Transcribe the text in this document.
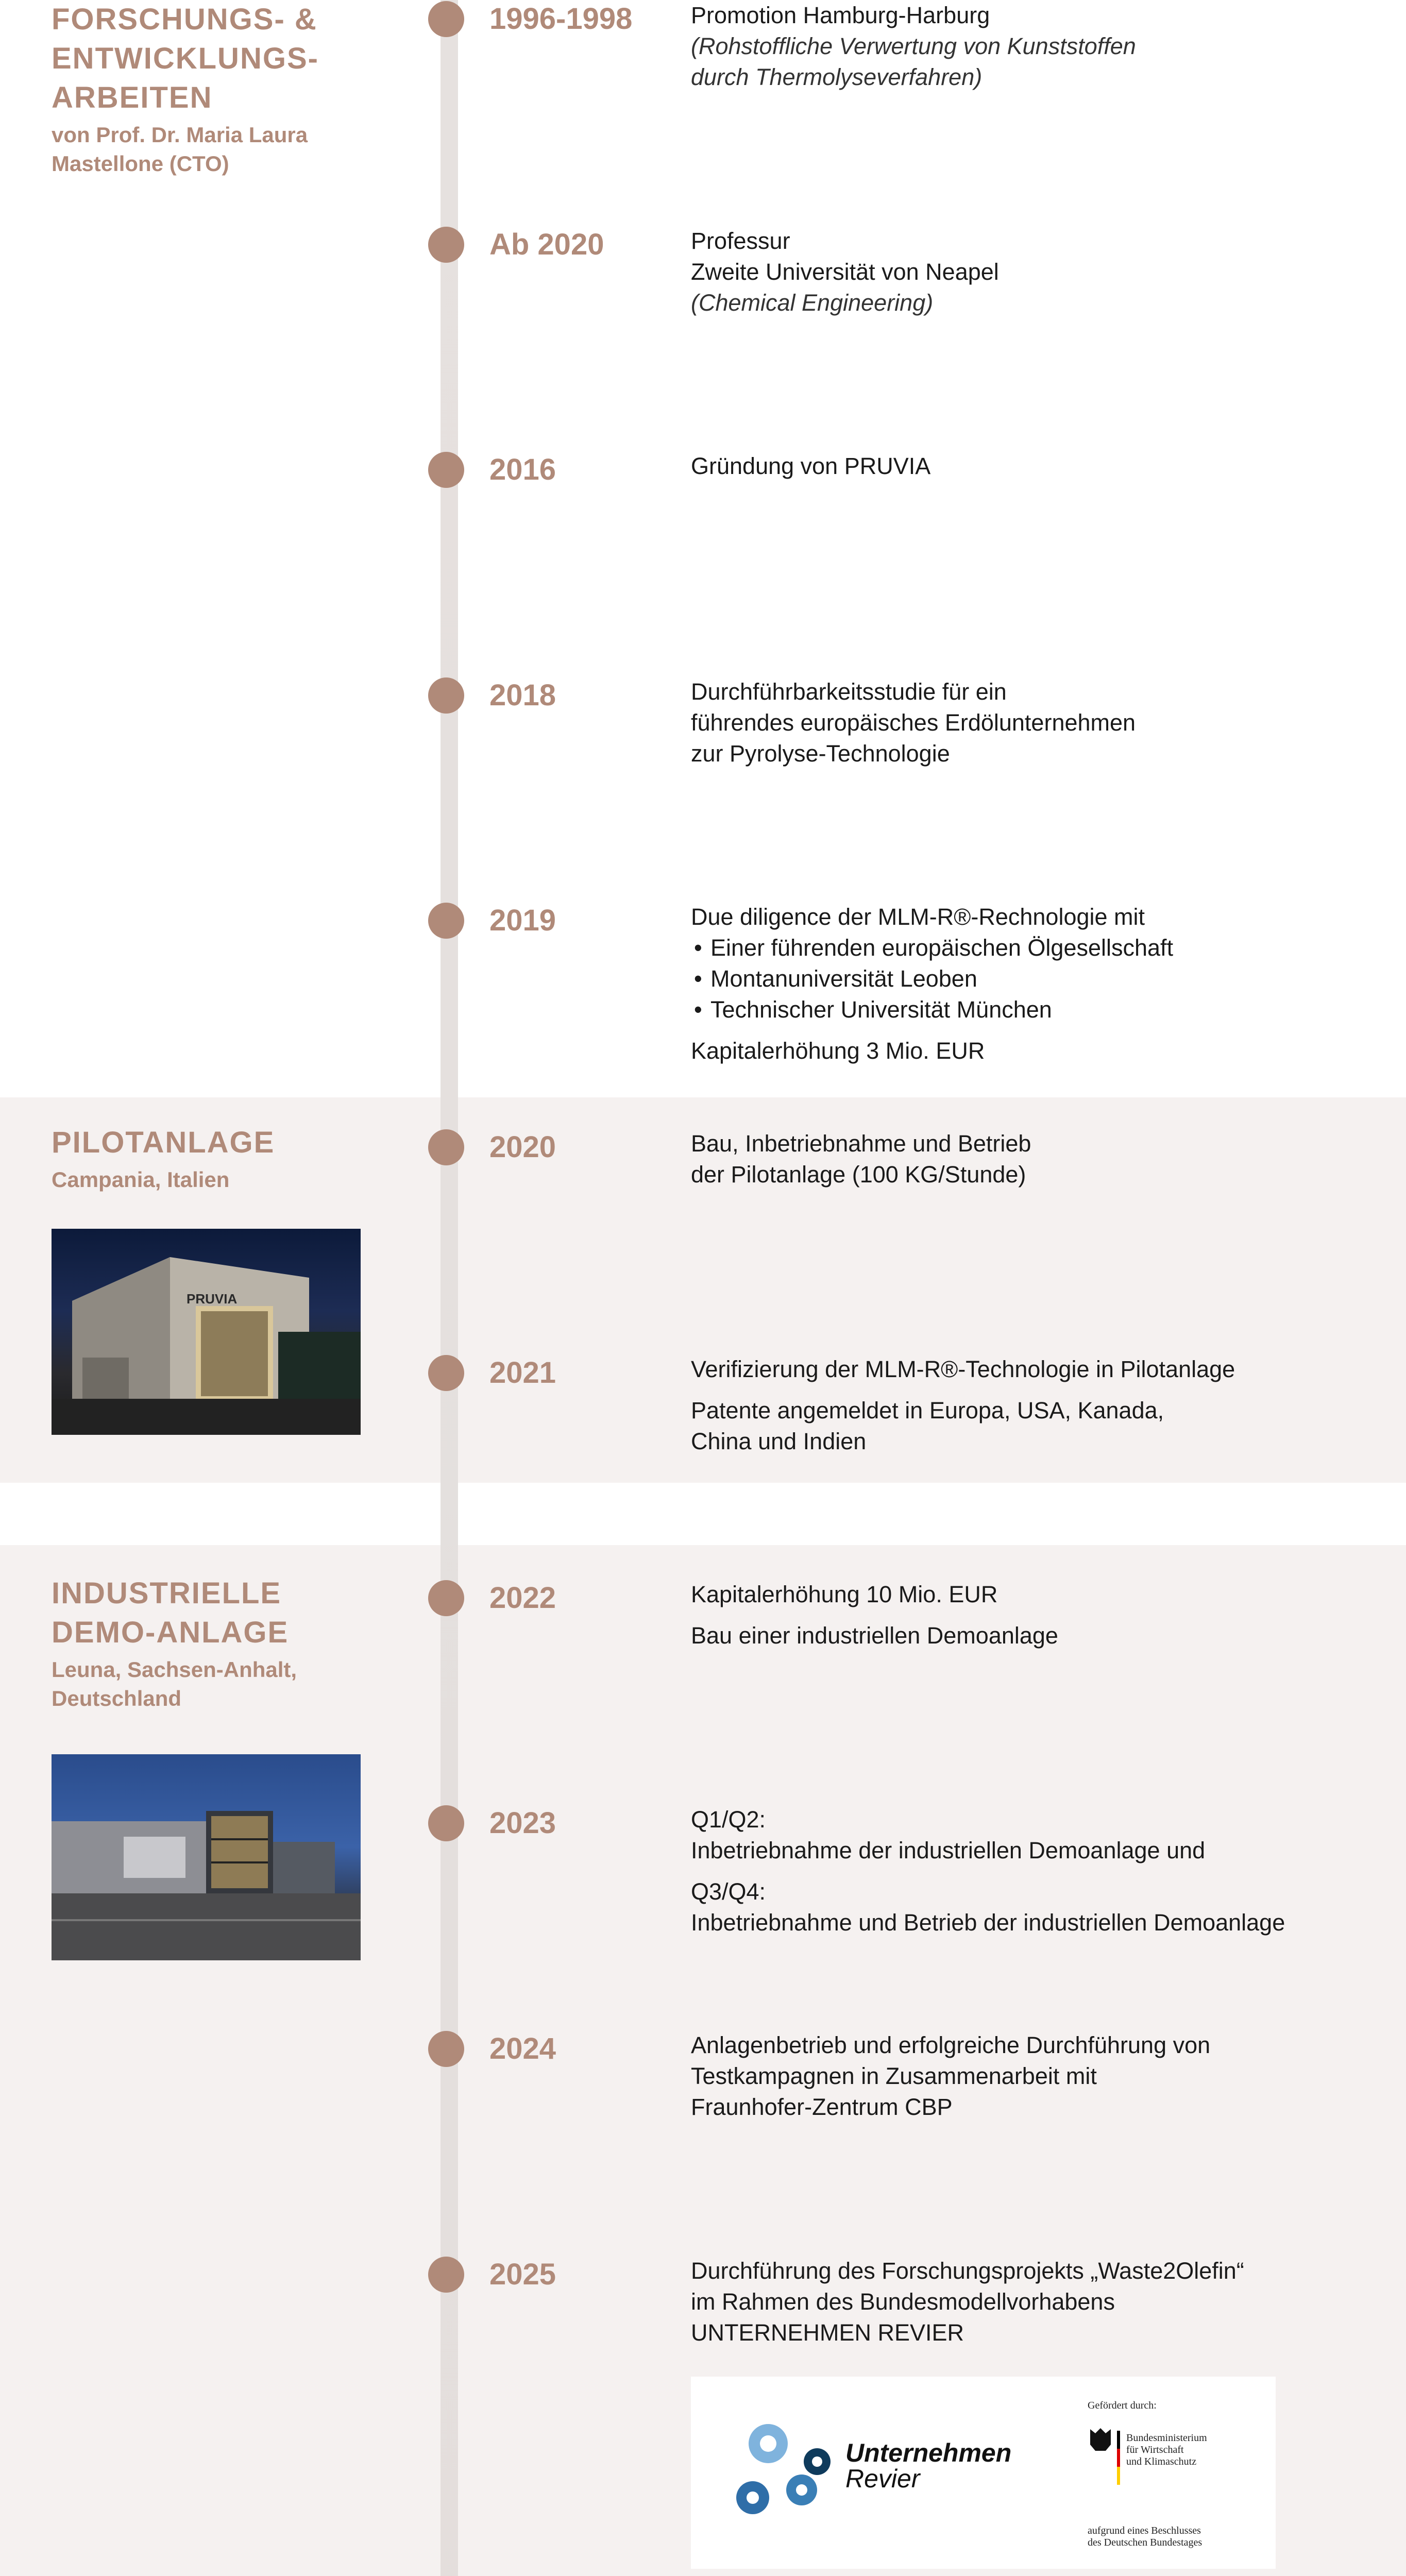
FORSCHUNGS- & ENTWICKLUNGS-ARBEITEN
von Prof. Dr. Maria Laura Mastellone (CTO)
PILOTANLAGE
Campania, Italien
INDUSTRIELLE DEMO-ANLAGE
Leuna, Sachsen-Anhalt, Deutschland
PRUVIA
1996-1998	Promotion Hamburg-Harburg

(Rohstoffliche Verwertung von Kunststoffen

durch Thermolyseverfahren)

Ab 2020	Professur

Zweite Universität von Neapel

(Chemical Engineering)

2016	Gründung von PRUVIA

2018	Durchführbarkeitsstudie für ein

führendes europäisches Erdölunternehmen

zur Pyrolyse-Technologie

2019	Due diligence der MLM-R®-Rechnologie mit

• Einer führenden europäischen Ölgesellschaft
• Montanuniversität Leoben
• Technischer Universität München

Kapitalerhöhung 3 Mio. EUR

2020	Bau, Inbetriebnahme und Betrieb

der Pilotanlage (100 KG/Stunde)

2021	Verifizierung der MLM-R®-Technologie in Pilotanlage

Patente angemeldet in Europa, USA, Kanada,

China und Indien

2022	Kapitalerhöhung 10 Mio. EUR

Bau einer industriellen Demoanlage

2023	Q1/Q2:

Inbetriebnahme der industriellen Demoanlage und

Q3/Q4:

Inbetriebnahme und Betrieb der industriellen Demoanlage

2024	Anlagenbetrieb und erfolgreiche Durchführung von

Testkampagnen in Zusammenarbeit mit

Fraunhofer-Zentrum CBP

2025	Durchführung des Forschungsprojekts „Waste2Olefin“

im Rahmen des Bundesmodellvorhabens

UNTERNEHMEN REVIER

Unternehmen
Revier
Gefördert durch:
Bundesministerium
für Wirtschaft
und Klimaschutz
aufgrund eines Beschlusses
des Deutschen Bundestages
